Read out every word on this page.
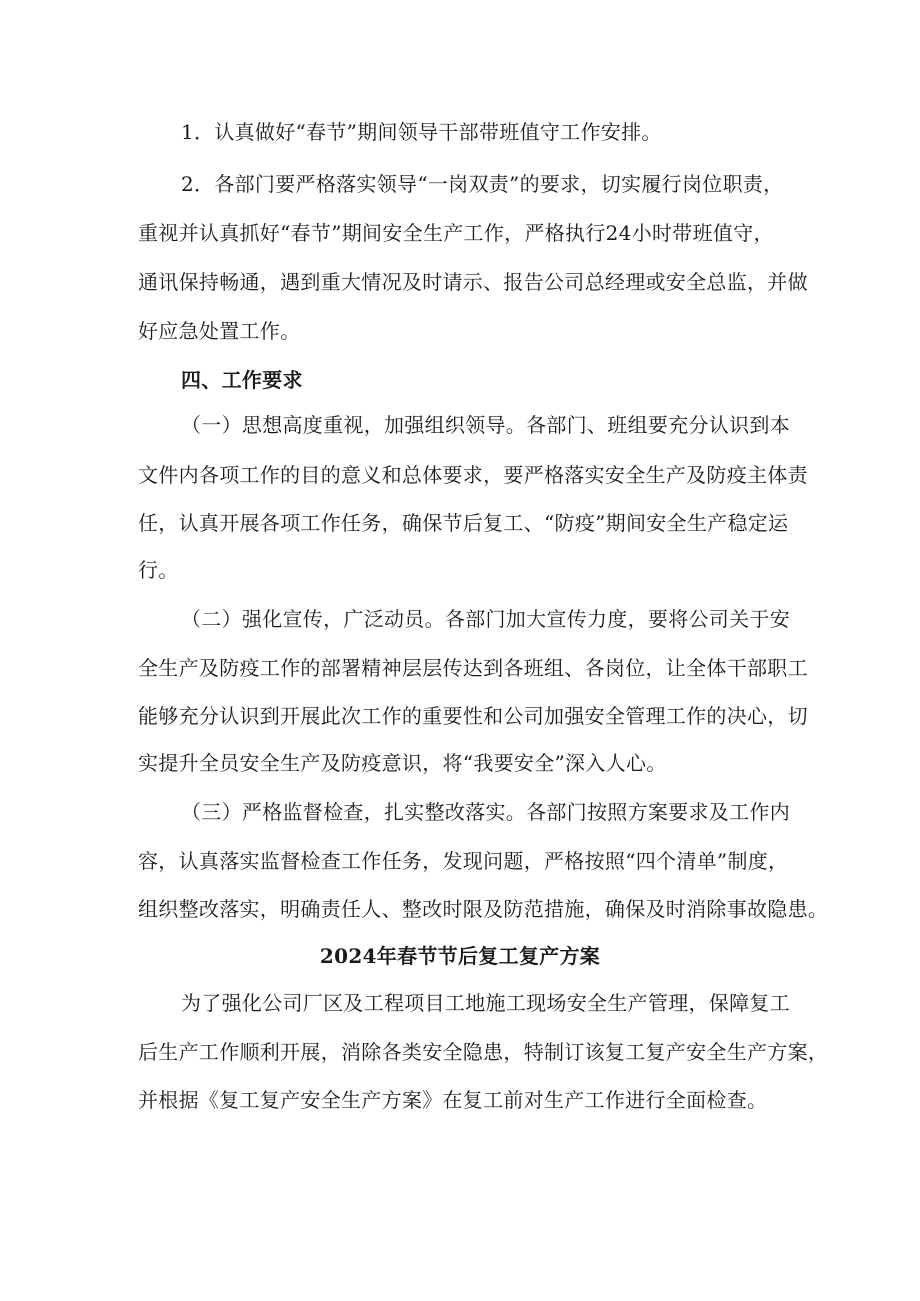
1．认真做好“春节”期间领导干部带班值守工作安排。
2．各部门要严格落实领导“一岗双责”的要求，切实履行岗位职责，
重视并认真抓好“春节”期间安全生产工作，严格执行24小时带班值守，
通讯保持畅通，遇到重大情况及时请示、报告公司总经理或安全总监，并做
好应急处置工作。
四、工作要求
（一）思想高度重视，加强组织领导。各部门、班组要充分认识到本
文件内各项工作的目的意义和总体要求，要严格落实安全生产及防疫主体责
任，认真开展各项工作任务，确保节后复工、“防疫”期间安全生产稳定运
行。
（二）强化宣传，广泛动员。各部门加大宣传力度，要将公司关于安
全生产及防疫工作的部署精神层层传达到各班组、各岗位，让全体干部职工
能够充分认识到开展此次工作的重要性和公司加强安全管理工作的决心，切
实提升全员安全生产及防疫意识，将“我要安全”深入人心。
（三）严格监督检查，扎实整改落实。各部门按照方案要求及工作内
容，认真落实监督检查工作任务，发现问题，严格按照“四个清单”制度，
组织整改落实，明确责任人、整改时限及防范措施，确保及时消除事故隐患。
2024年春节节后复工复产方案
为了强化公司厂区及工程项目工地施工现场安全生产管理，保障复工
后生产工作顺利开展，消除各类安全隐患，特制订该复工复产安全生产方案，
并根据《复工复产安全生产方案》在复工前对生产工作进行全面检查。
